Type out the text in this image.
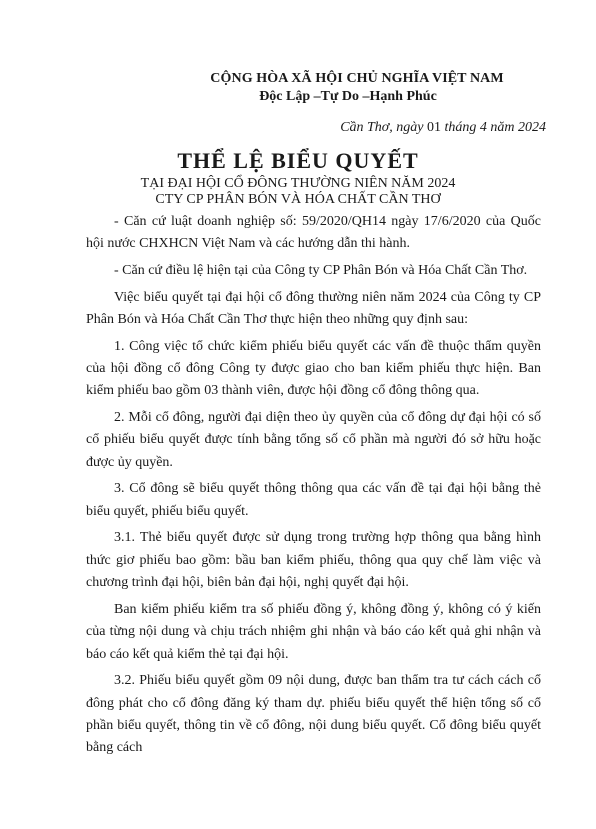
CỘNG HÒA XÃ HỘI CHỦ NGHĨA VIỆT NAM
Độc Lập –Tự Do –Hạnh Phúc
Cần Thơ, ngày 01 tháng 4 năm 2024
THỂ LỆ BIỂU QUYẾT
TẠI ĐẠI HỘI CỔ ĐÔNG THƯỜNG NIÊN NĂM 2024
CTY CP PHÂN BÓN VÀ HÓA CHẤT CẦN THƠ

- Căn cứ luật doanh nghiệp số: 59/2020/QH14 ngày 17/6/2020 của Quốc hội nước CHXHCN Việt Nam và các hướng dẫn thi hành.

- Căn cứ điều lệ hiện tại của Công ty CP Phân Bón và Hóa Chất Cần Thơ.

Việc biểu quyết tại đại hội cổ đông thường niên năm 2024 của Công ty CP Phân Bón và Hóa Chất Cần Thơ thực hiện theo những quy định sau:

1. Công việc tổ chức kiểm phiếu biểu quyết các vấn đề thuộc thẩm quyền của hội đồng cổ đông Công ty được giao cho ban kiểm phiếu thực hiện. Ban kiểm phiếu bao gồm 03 thành viên, được hội đồng cổ đông thông qua.

2. Mỗi cổ đông, người đại diện theo ủy quyền của cổ đông dự đại hội có số cổ phiếu biểu quyết được tính bằng tổng số cổ phần mà người đó sở hữu hoặc được ủy quyền.

3. Cổ đông sẽ biểu quyết thông thông qua các vấn đề tại đại hội bằng thẻ biểu quyết, phiếu biểu quyết.

3.1. Thẻ biểu quyết được sử dụng trong trường hợp thông qua bằng hình thức giơ phiếu bao gồm: bầu ban kiểm phiếu, thông qua quy chế làm việc và chương trình đại hội, biên bản đại hội, nghị quyết đại hội.

Ban kiểm phiếu kiểm tra số phiếu đồng ý, không đồng ý, không có ý kiến của từng nội dung và chịu trách nhiệm ghi nhận và báo cáo kết quả ghi nhận và báo cáo kết quả kiểm thẻ tại đại hội.

3.2. Phiếu biểu quyết gồm 09 nội dung, được ban thẩm tra tư cách cách cổ đông phát cho cổ đông đăng ký tham dự. phiếu biểu quyết thể hiện tổng số cổ phần biểu quyết, thông tin về cổ đông, nội dung biểu quyết. Cổ đông biểu quyết bằng cách
